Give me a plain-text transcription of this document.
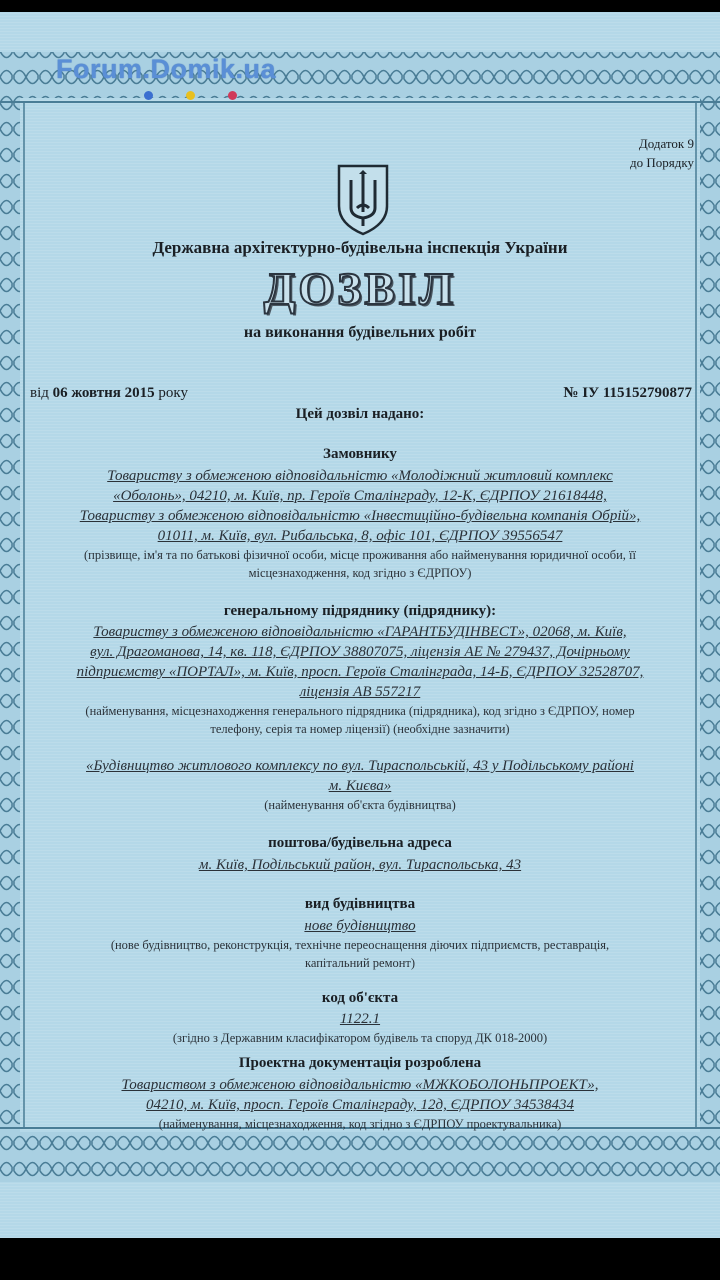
Forum.Domik.ua
Додаток 9
до Порядку
Державна архітектурно-будівельна інспекція України
ДОЗВІЛ
на виконання будівельних робіт
від 06 жовтня 2015 року	№ ІУ 115152790877
Цей дозвіл надано:
Замовнику
Товариству з обмеженою відповідальністю «Молодіжний житловий комплекс
«Оболонь», 04210, м. Київ, пр. Героїв Сталінграду, 12-К, ЄДРПОУ 21618448,
Товариству з обмеженою відповідальністю «Інвестиційно-будівельна компанія Обрій»,
01011, м. Київ, вул. Рибальська, 8, офіс 101, ЄДРПОУ 39556547
(прізвище, ім'я та по батькові фізичної особи, місце проживання або найменування юридичної особи, її
місцезнаходження, код згідно з ЄДРПОУ)
генеральному підряднику (підряднику):
Товариству з обмеженою відповідальністю «ГАРАНТБУДІНВЕСТ», 02068, м. Київ,
вул. Драгоманова, 14, кв. 118, ЄДРПОУ 38807075, ліцензія АЕ № 279437, Дочірньому
підприємству «ПОРТАЛ», м. Київ, просп. Героїв Сталінграда, 14-Б, ЄДРПОУ 32528707,
ліцензія АВ 557217
(найменування, місцезнаходження генерального підрядника (підрядника), код згідно з ЄДРПОУ, номер
телефону, серія та номер ліцензії) (необхідне зазначити)
«Будівництво житлового комплексу по вул. Тираспольській, 43 у Подільському районі
м. Києва»
(найменування об'єкта будівництва)
поштова/будівельна адреса
м. Київ, Подільський район, вул. Тираспольська, 43
вид будівництва
нове будівництво
(нове будівництво, реконструкція, технічне переоснащення діючих підприємств, реставрація,
капітальний ремонт)
код об'єкта
1122.1
(згідно з Державним класифікатором будівель та споруд ДК 018-2000)
Проектна документація розроблена
Товариством з обмеженою відповідальністю «МЖКОБОЛОНЬПРОЕКТ»,
04210, м. Київ, просп. Героїв Сталінграду, 12д, ЄДРПОУ 34538434
(найменування, місцезнаходження, код згідно з ЄДРПОУ проектувальника)
